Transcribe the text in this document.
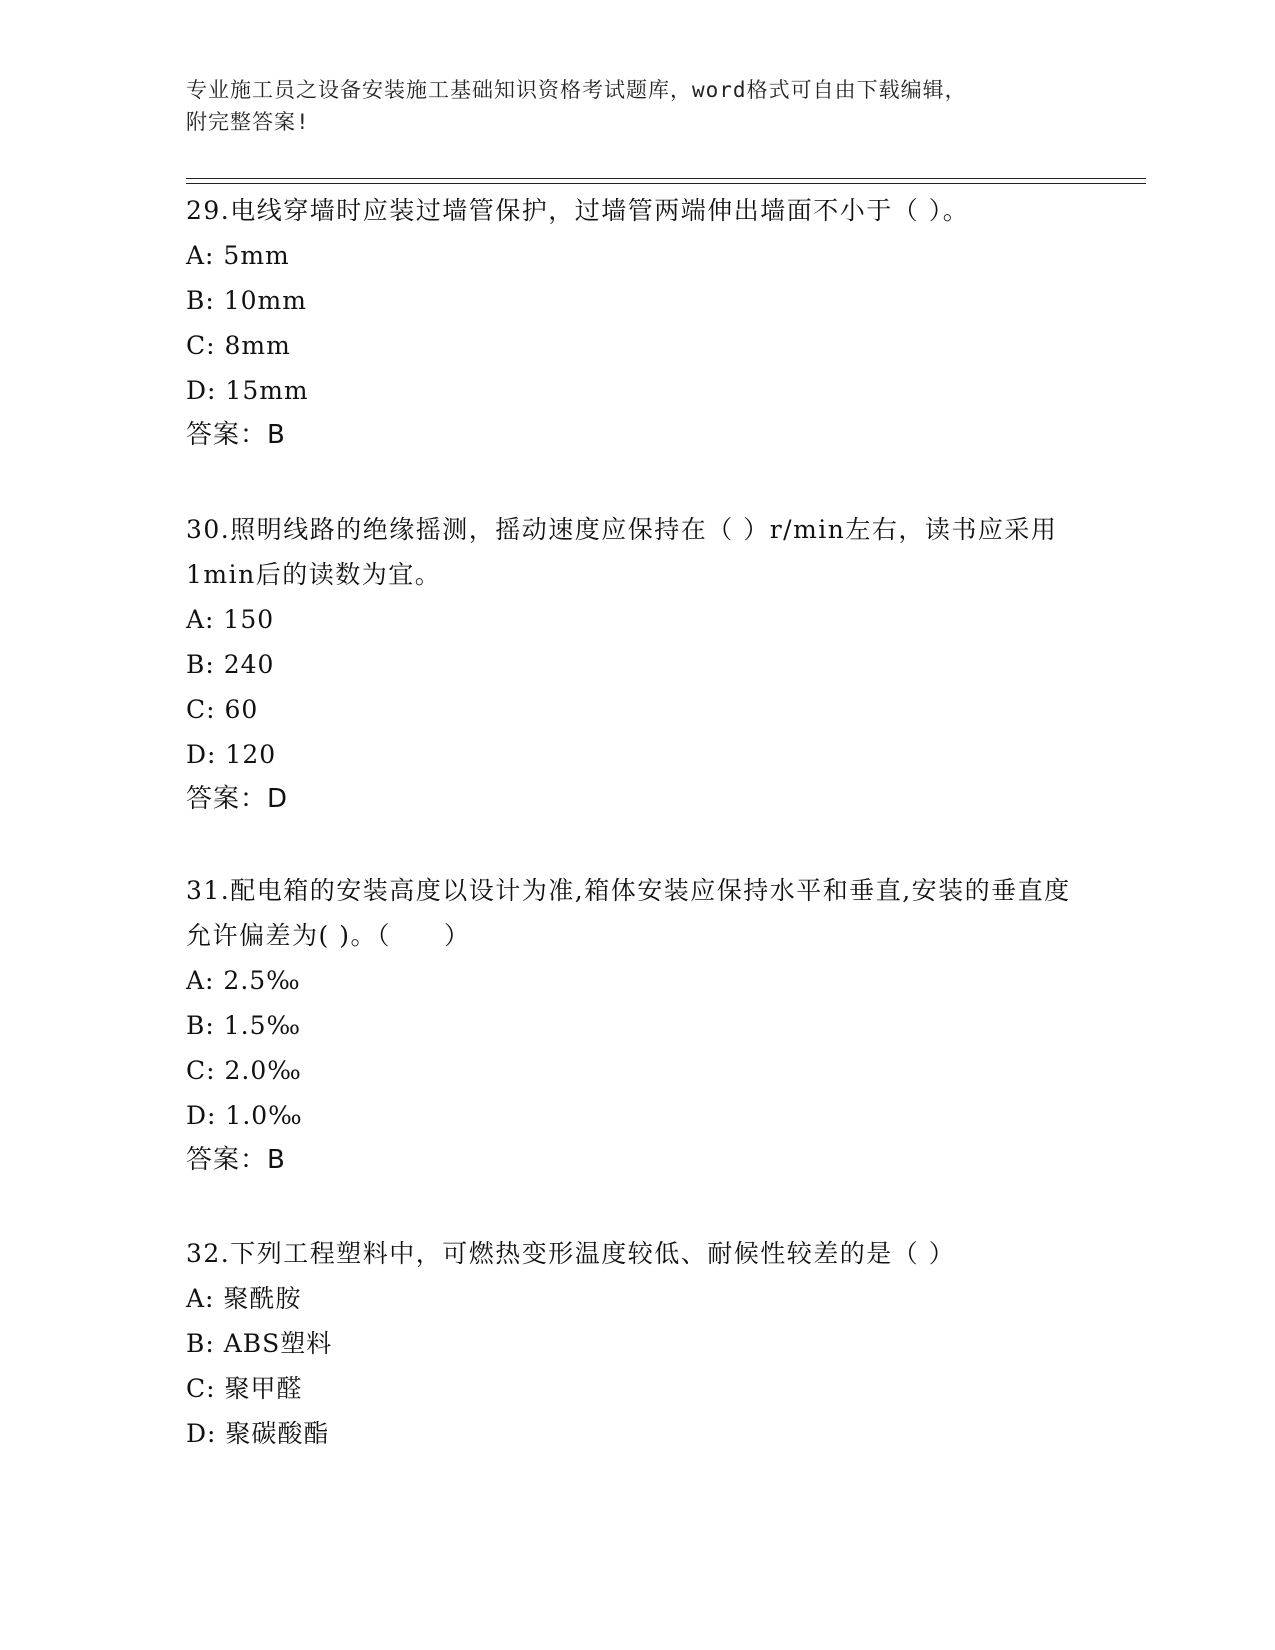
专业施工员之设备安装施工基础知识资格考试题库，word格式可自由下载编辑，
附完整答案!

29.电线穿墙时应装过墙管保护，过墙管两端伸出墙面不小于（ ）。

A: 5mm

B: 10mm

C: 8mm

D: 15mm

答案：B

30.照明线路的绝缘摇测，摇动速度应保持在（ ）r/min左右，读书应采用1min后的读数为宜。

A: 150

B: 240

C: 60

D: 120

答案：D

31.配电箱的安装高度以设计为准,箱体安装应保持水平和垂直,安装的垂直度允许偏差为( )。（　　）

A: 2.5‰

B: 1.5‰

C: 2.0‰

D: 1.0‰

答案：B

32.下列工程塑料中，可燃热变形温度较低、耐候性较差的是（ ）

A: 聚酰胺

B: ABS塑料

C: 聚甲醛

D: 聚碳酸酯
